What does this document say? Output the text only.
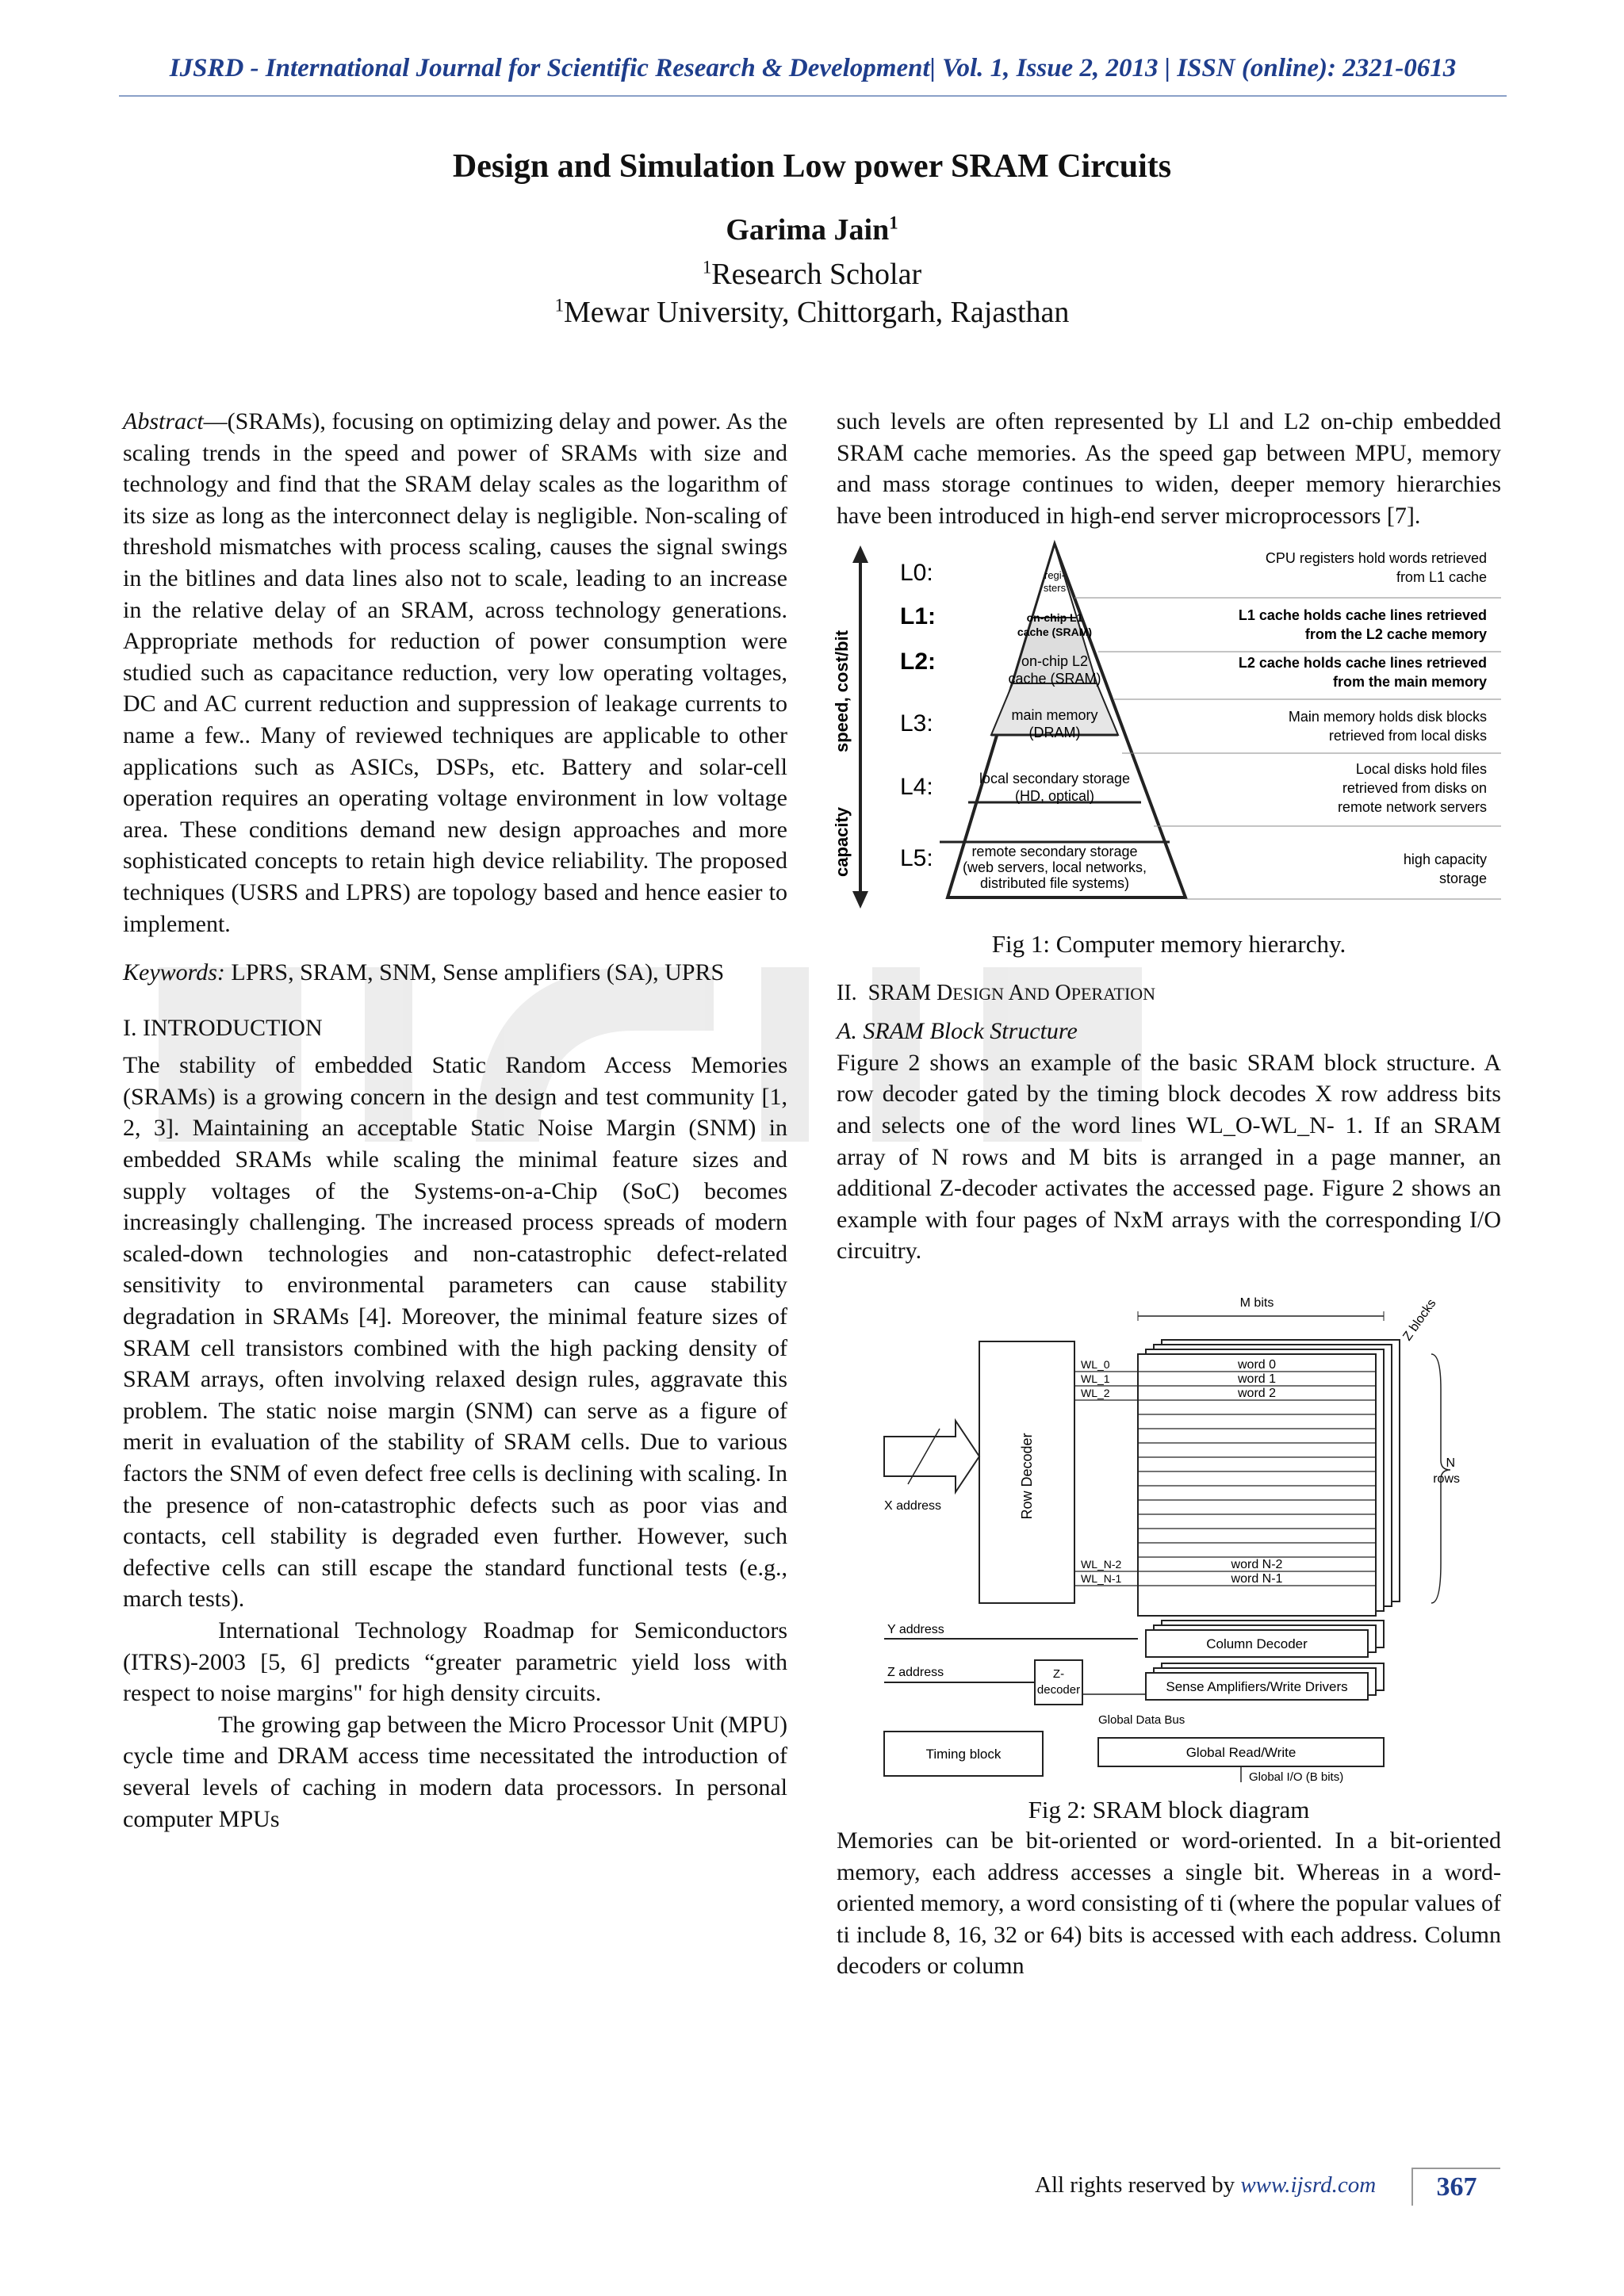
IJSRD - International Journal for Scientific Research & Development| Vol. 1, Issue 2, 2013 | ISSN (online): 2321-0613
Design and Simulation Low power SRAM Circuits
Garima Jain$^1$
$^1$Research Scholar
$^1$Mewar University, Chittorgarh, Rajasthan

Abstract—(SRAMs), focusing on optimizing delay and power. As the scaling trends in the speed and power of SRAMs with size and technology and find that the SRAM delay scales as the logarithm of its size as long as the interconnect delay is negligible. Non-scaling of threshold mismatches with process scaling, causes the signal swings in the bitlines and data lines also not to scale, leading to an increase in the relative delay of an SRAM, across technology generations. Appropriate methods for reduction of power consumption were studied such as capacitance reduction, very low operating voltages, DC and AC current reduction and suppression of leakage currents to name a few.. Many of reviewed techniques are applicable to other applications such as ASICs, DSPs, etc. Battery and solar-cell operation requires an operating voltage environment in low voltage area. These conditions demand new design approaches and more sophisticated concepts to retain high device reliability. The proposed techniques (USRS and LPRS) are topology based and hence easier to implement.

Keywords: LPRS, SRAM, SNM, Sense amplifiers (SA), UPRS

I. INTRODUCTION

The stability of embedded Static Random Access Memories (SRAMs) is a growing concern in the design and test community [1, 2, 3]. Maintaining an acceptable Static Noise Margin (SNM) in embedded SRAMs while scaling the minimal feature sizes and supply voltages of the Systems-on-a-Chip (SoC) becomes increasingly challenging. The increased process spreads of modern scaled-down technologies and non-catastrophic defect-related sensitivity to environmental parameters can cause stability degradation in SRAMs [4]. Moreover, the minimal feature sizes of SRAM cell transistors combined with the high packing density of SRAM arrays, often involving relaxed design rules, aggravate this problem. The static noise margin (SNM) can serve as a figure of merit in evaluation of the stability of SRAM cells. Due to various factors the SNM of even defect free cells is declining with scaling. In the presence of non-catastrophic defects such as poor vias and contacts, cell stability is degraded even further. However, such defective cells can still escape the standard functional tests (e.g., march tests).

International Technology Roadmap for Semiconductors (ITRS)-2003 [5, 6] predicts “greater parametric yield loss with respect to noise margins" for high density circuits.

The growing gap between the Micro Processor Unit (MPU) cycle time and DRAM access time necessitated the introduction of several levels of caching in modern data processors. In personal computer MPUs

such levels are often represented by Ll and L2 on-chip embedded SRAM cache memories. As the speed gap between MPU, memory and mass storage continues to widen, deeper memory hierarchies have been introduced in high-end server microprocessors [7].

speed, cost/bit
capacity
L0:
L1:
L2:
L3:
L4:
L5:
regi-
sters
on-chip L1
cache (SRAM)
on-chip L2
cache (SRAM)
main memory
(DRAM)
local secondary storage
(HD, optical)
remote secondary storage
(web servers, local networks,
distributed file systems)
CPU registers hold words retrieved
from L1 cache
L1 cache holds cache lines retrieved
from the L2 cache memory
L2 cache holds cache lines retrieved
from the main memory
Main memory holds disk blocks
retrieved from local disks
Local disks hold files
retrieved from disks on
remote network servers
high capacity
storage
Fig 1: Computer memory hierarchy.

II.  SRAM DESIGN AND OPERATION

A. SRAM Block Structure

Figure 2 shows an example of the basic SRAM block structure. A row decoder gated by the timing block decodes X row address bits and selects one of the word lines WL_O-WL_N- 1. If an SRAM array of N rows and M bits is arranged in a page manner, an additional Z-decoder activates the accessed page. Figure 2 shows an example with four pages of NxM arrays with the corresponding I/O circuitry.

M bits	Z blocks
word 0
word 1
word 2
word N-2
word N-1
N
rows
Row Decoder
WL_0
WL_1
WL_2
WL_N-2
WL_N-1
X address
Y address
Z address	Z-
decoder
Column Decoder
Sense Amplifiers/Write Drivers
Global Data Bus
Timing block	Global Read/Write
Global I/O (B bits)
Fig 2: SRAM block diagram

Memories can be bit-oriented or word-oriented. In a bit-oriented memory, each address accesses a single bit. Whereas in a word-oriented memory, a word consisting of ti (where the popular values of ti include 8, 16, 32 or 64) bits is accessed with each address. Column decoders or column

All rights reserved by www.ijsrd.com	367
